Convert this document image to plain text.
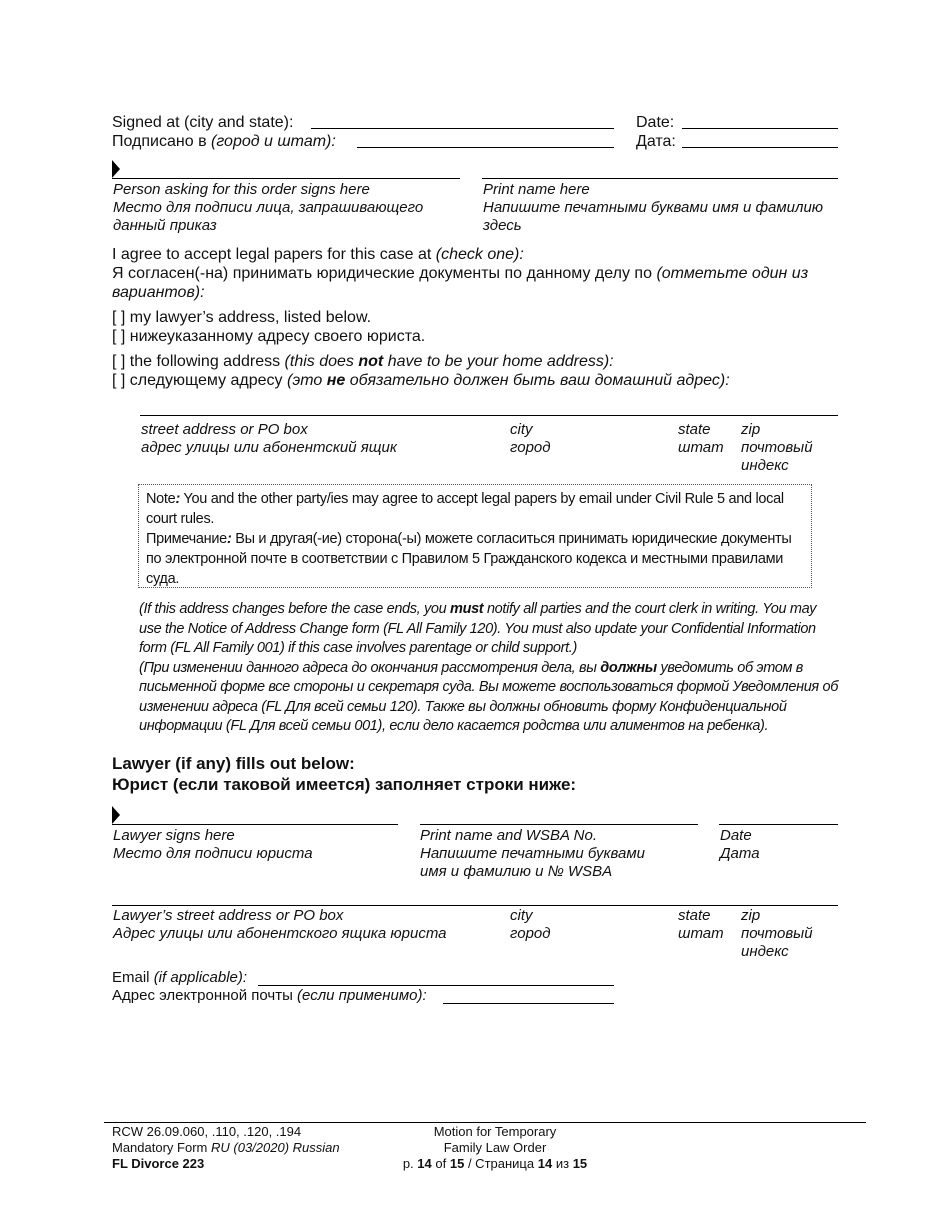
Signed at (city and state):
Подписано в (город и штат):
Date:
Дата:
Person asking for this order signs here
Место для подписи лица, запрашивающего данный приказ
Print name here
Напишите печатными буквами имя и фамилию здесь
I agree to accept legal papers for this case at (check one):
Я согласен(-на) принимать юридические документы по данному делу по (отметьте один из вариантов):
[ ] my lawyer’s address, listed below.
[ ] нижеуказанному адресу своего юриста.
[ ] the following address (this does not have to be your home address):
[ ] следующему адресу (это не обязательно должен быть ваш домашний адрес):
street address or PO box
адрес улицы или абонентский ящик
city
город
state
штат
zip
почтовый
индекс
Note: You and the other party/ies may agree to accept legal papers by email under Civil Rule 5 and local court rules.
Примечание: Вы и другая(-ие) сторона(-ы) можете согласиться принимать юридические документы по электронной почте в соответствии с Правилом 5 Гражданского кодекса и местными правилами суда.
(If this address changes before the case ends, you must notify all parties and the court clerk in writing. You may use the Notice of Address Change form (FL All Family 120). You must also update your Confidential Information form (FL All Family 001) if this case involves parentage or child support.)
(При изменении данного адреса до окончания рассмотрения дела, вы должны уведомить об этом в письменной форме все стороны и секретаря суда. Вы можете воспользоваться формой Уведомления об изменении адреса (FL Для всей семьи 120). Также вы должны обновить форму Конфиденциальной информации (FL Для всей семьи 001), если дело касается родства или алиментов на ребенка).
Lawyer (if any) fills out below:
Юрист (если таковой имеется) заполняет строки ниже:
Lawyer signs here
Место для подписи юриста
Print name and WSBA No.
Напишите печатными буквами
имя и фамилию и № WSBA
Date
Дата
Lawyer’s street address or PO box
Адрес улицы или абонентского ящика юриста
city
город
state
штат
zip
почтовый
индекс
Email (if applicable):
Адрес электронной почты (если применимо):
RCW 26.09.060, .110, .120, .194
Mandatory Form RU (03/2020) Russian
FL Divorce 223
Motion for Temporary
Family Law Order
p. 14 of 15 / Страница 14 из 15
